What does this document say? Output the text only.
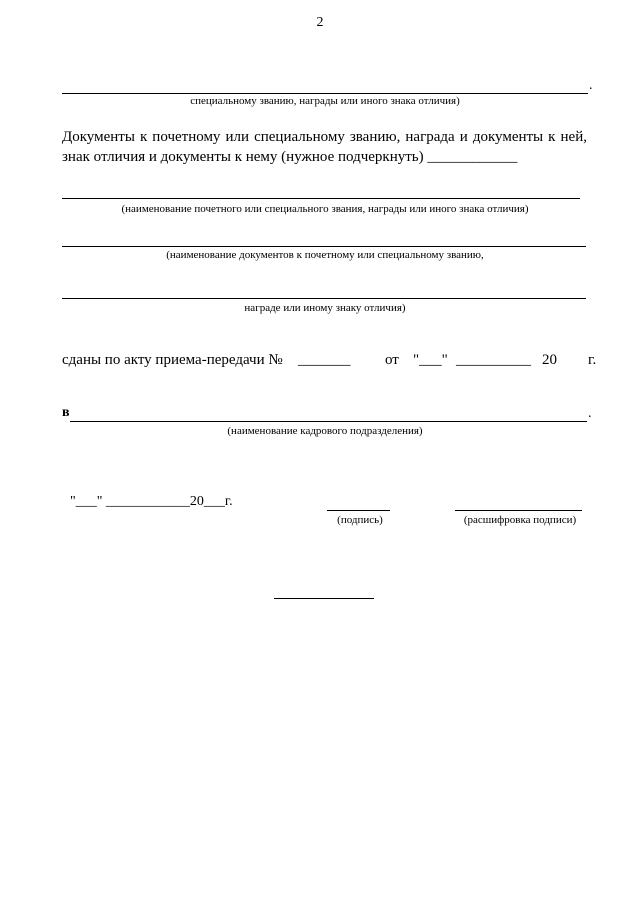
2
.
специальному званию, награды или иного знака отличия)
Документы к почетному или специальному званию, награда и документы к ней, знак отличия и документы к нему (нужное подчеркнуть) ____________
(наименование почетного или специального звания, награды или иного знака отличия)
(наименование документов к почетному или специальному званию,
награде или иному знаку отличия)
сданы по акту приема-передачи № _______ от "___" __________ 20 г.
в	.
(наименование кадрового подразделения)
"___" ____________20___г.
(подпись)	(расшифровка подписи)
